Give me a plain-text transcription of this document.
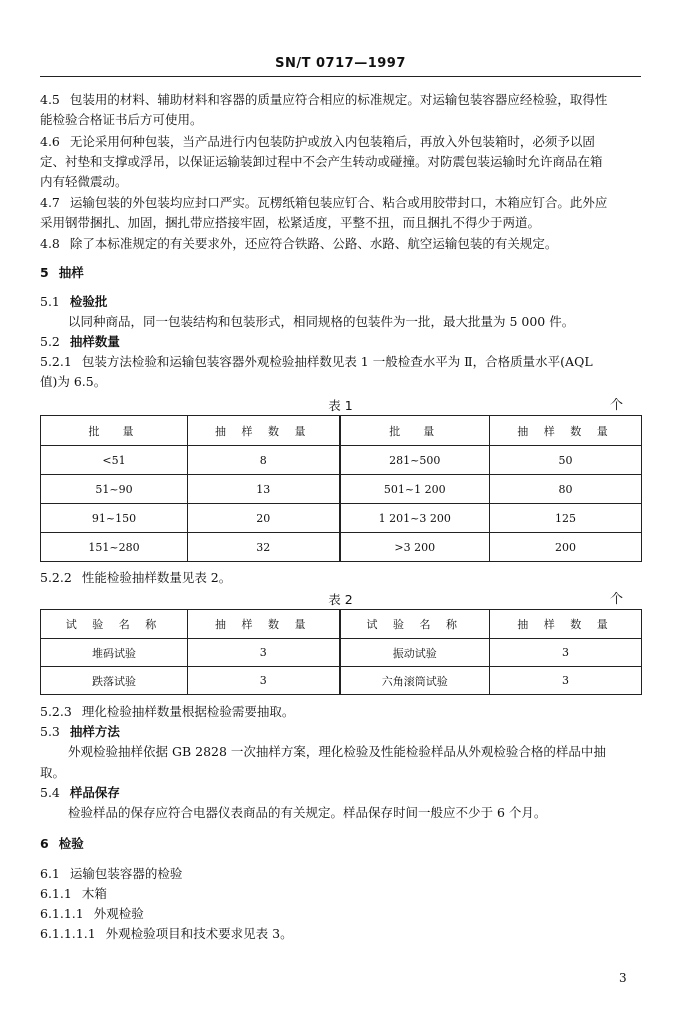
SN/T 0717—1997
4.5 包装用的材料、辅助材料和容器的质量应符合相应的标准规定。对运输包装容器应经检验，取得性
能检验合格证书后方可使用。
4.6 无论采用何种包装，当产品进行内包装防护或放入内包装箱后，再放入外包装箱时，必须予以固
定、衬垫和支撑或浮吊，以保证运输装卸过程中不会产生转动或碰撞。对防震包装运输时允许商品在箱
内有轻微震动。
4.7 运输包装的外包装均应封口严实。瓦楞纸箱包装应钉合、粘合或用胶带封口，木箱应钉合。此外应
采用钢带捆扎、加固，捆扎带应搭接牢固，松紧适度，平整不扭，而且捆扎不得少于两道。
4.8 除了本标准规定的有关要求外，还应符合铁路、公路、水路、航空运输包装的有关规定。
5 抽样
5.1 检验批
以同种商品，同一包装结构和包装形式，相同规格的包装件为一批，最大批量为 5 000 件。
5.2 抽样数量
5.2.1 包装方法检验和运输包装容器外观检验抽样数见表 1 一般检查水平为 Ⅱ，合格质量水平(AQL
值)为 6.5。
表 1	个
批　量	抽 样 数 量	批　量	抽 样 数 量
<51	8	281~500	50
51~90	13	501~1 200	80
91~150	20	1 201~3 200	125
151~280	32	>3 200	200
5.2.2 性能检验抽样数量见表 2。
表 2	个
试 验 名 称	抽 样 数 量	试 验 名 称	抽 样 数 量
堆码试验	3	振动试验	3
跌落试验	3	六角滚筒试验	3
5.2.3 理化检验抽样数量根据检验需要抽取。
5.3 抽样方法
外观检验抽样依据 GB 2828 一次抽样方案，理化检验及性能检验样品从外观检验合格的样品中抽
取。
5.4 样品保存
检验样品的保存应符合电器仪表商品的有关规定。样品保存时间一般应不少于 6 个月。
6 检验
6.1 运输包装容器的检验
6.1.1 木箱
6.1.1.1 外观检验
6.1.1.1.1 外观检验项目和技术要求见表 3。
3
